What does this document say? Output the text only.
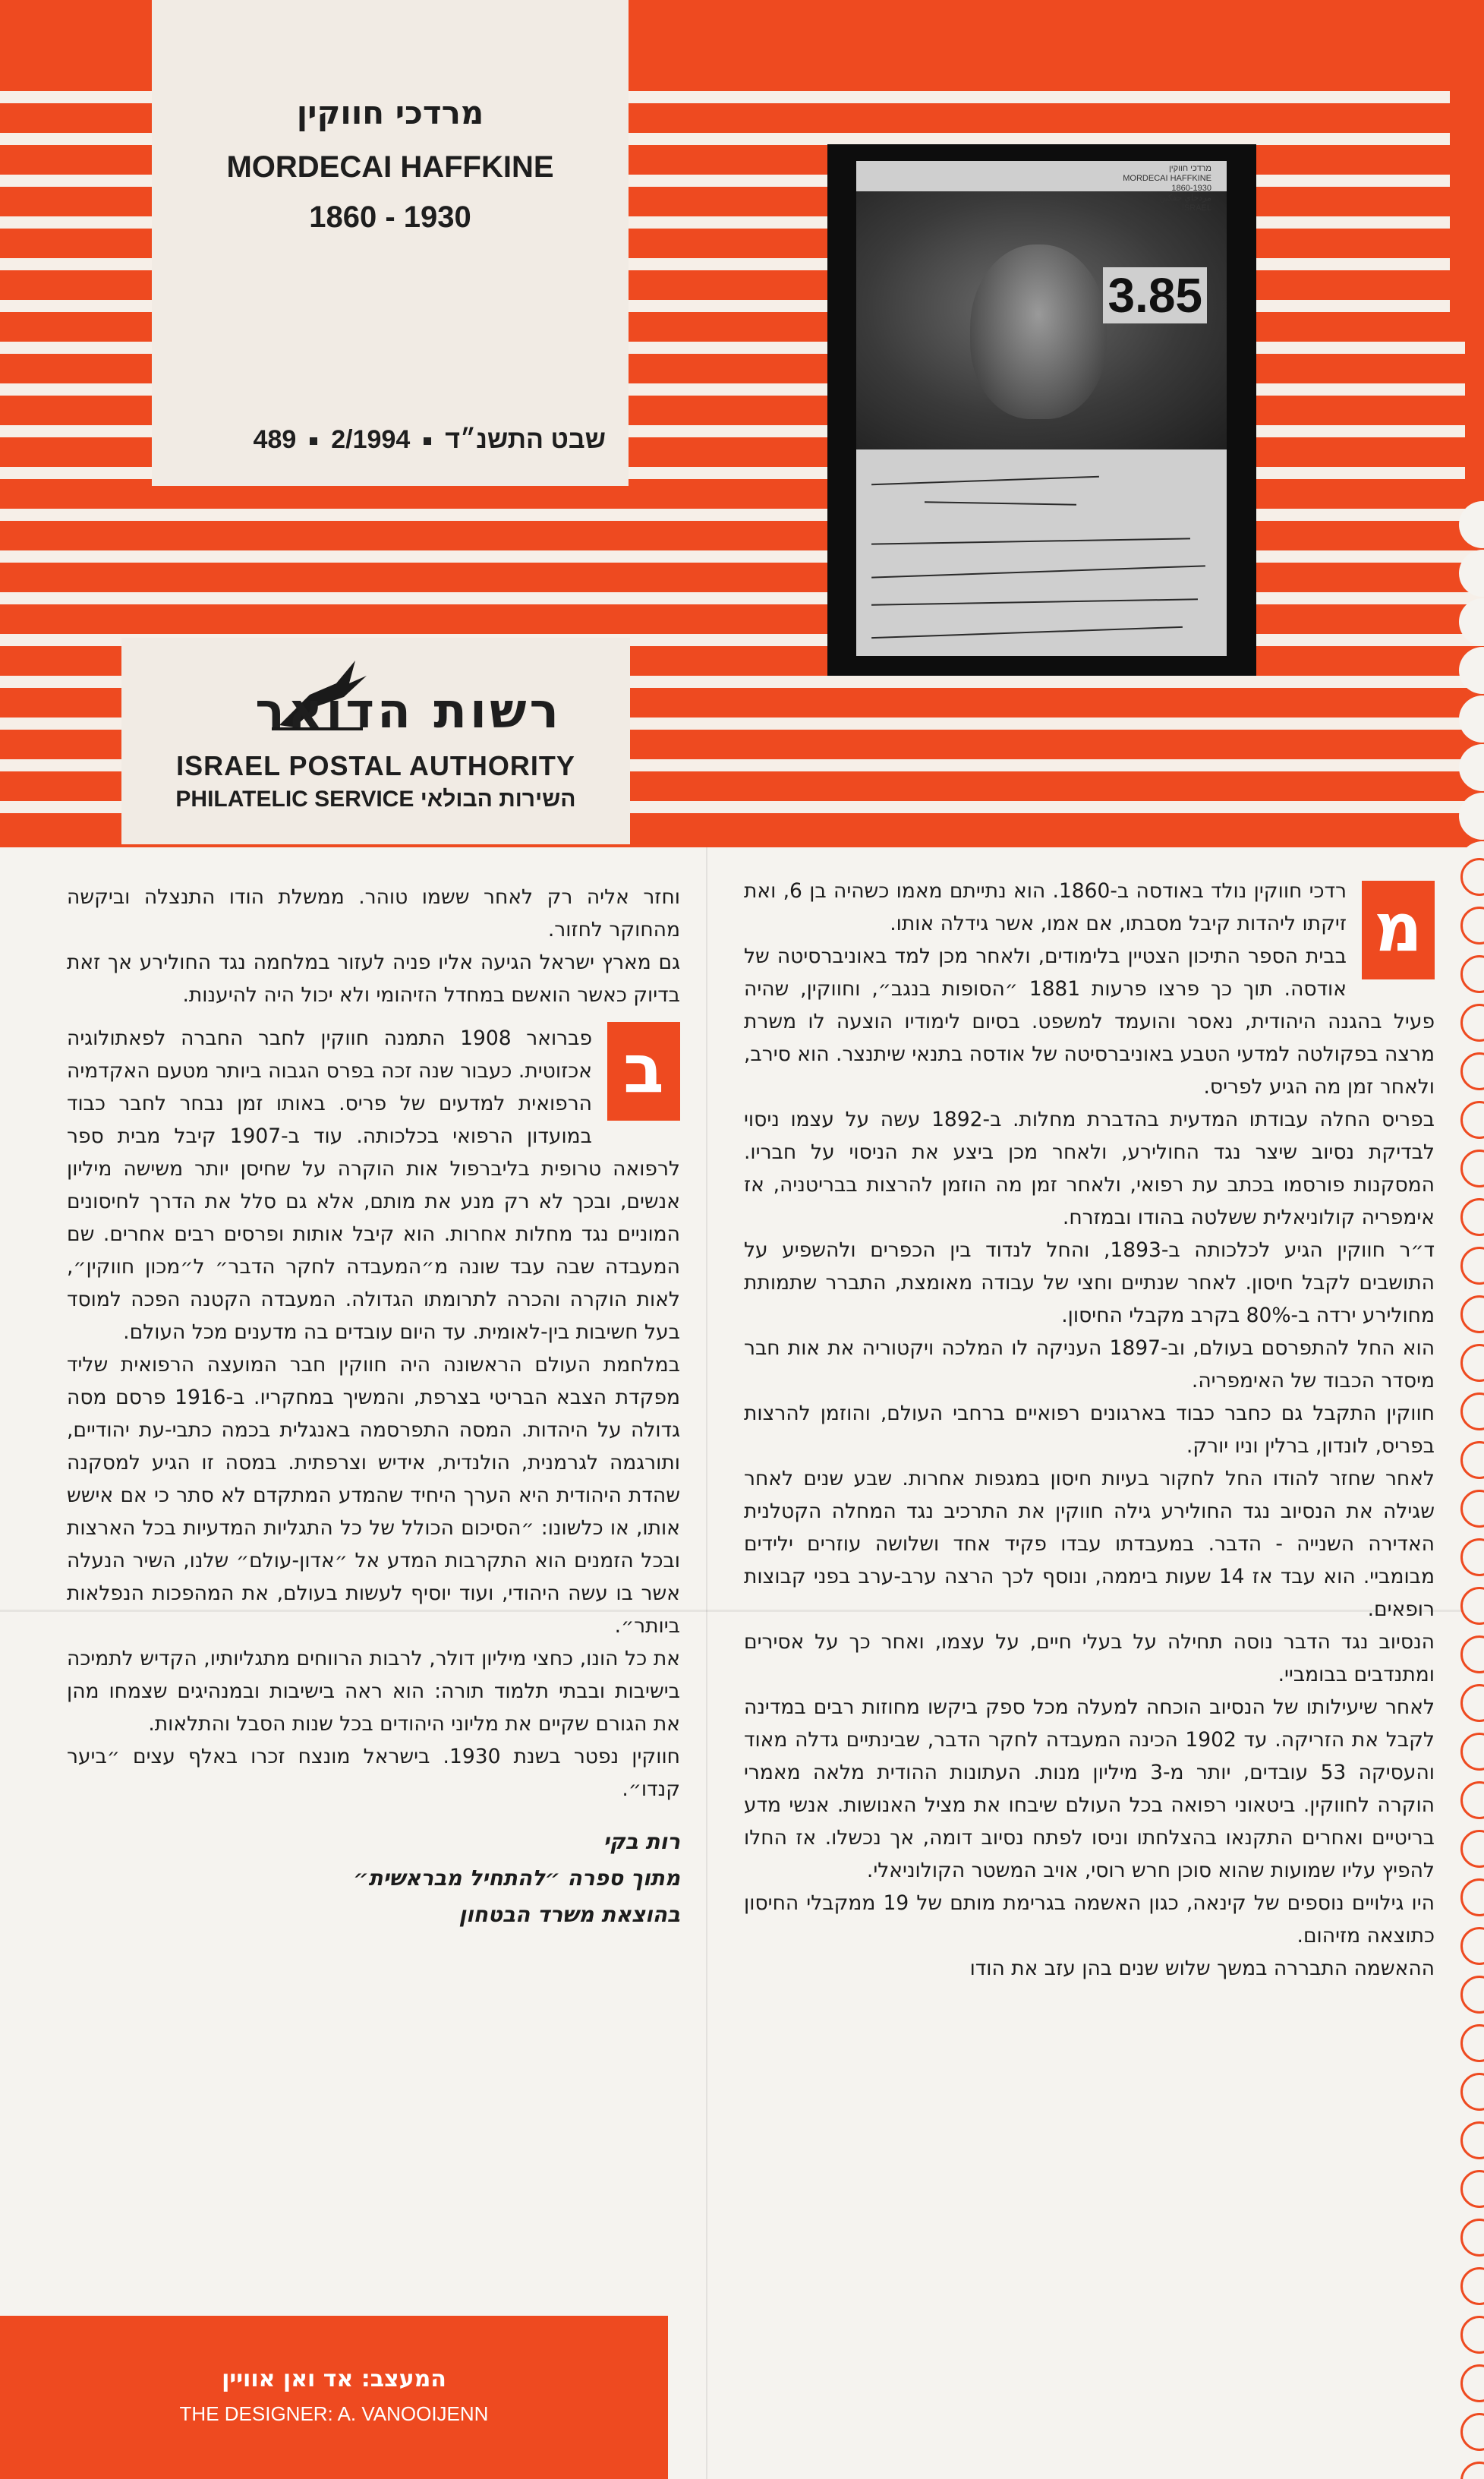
מרדכי חווקין
MORDECAI HAFFKINE
1860 - 1930
שבט התשנ״ד2/1994489
מרדכי חווקין
MORDECAI HAFFKINE
1860-1930
مردخاي حفكين
ISRAEL
3.85
רשות הדואר
ISRAEL POSTAL AUTHORITY
PHILATELIC SERVICE השירות הבולאי
מ

רדכי חווקין נולד באודסה ב-1860. הוא נתייתם מאמו כשהיה בן 6, ואת זיקתו ליהדות קיבל מסבתו, אם אמו, אשר גידלה אותו.

בבית הספר התיכון הצטיין בלימודים, ולאחר מכן למד באוניברסיטה של אודסה. תוך כך פרצו פרעות 1881 ״הסופות בנגב״, וחווקין, שהיה פעיל בהגנה היהודית, נאסר והועמד למשפט. בסיום לימודיו הוצעה לו משרת מרצה בפקולטה למדעי הטבע באוניברסיטה של אודסה בתנאי שיתנצר. הוא סירב, ולאחר זמן מה הגיע לפריס.

בפריס החלה עבודתו המדעית בהדברת מחלות. ב-1892 עשה על עצמו ניסוי לבדיקת נסיוב שיצר נגד החולירע, ולאחר מכן ביצע את הניסוי על חבריו. המסקנות פורסמו בכתב עת רפואי, ולאחר זמן מה הוזמן להרצות בבריטניה, אז אימפריה קולוניאלית ששלטה בהודו ובמזרח.

ד״ר חווקין הגיע לכלכותה ב-1893, והחל לנדוד בין הכפרים ולהשפיע על התושבים לקבל חיסון. לאחר שנתיים וחצי של עבודה מאומצת, התברר שתמותת מחולירע ירדה ב-80% בקרב מקבלי החיסון.

הוא החל להתפרסם בעולם, וב-1897 העניקה לו המלכה ויקטוריה את אות חבר מיסדר הכבוד של האימפריה.

חווקין התקבל גם כחבר כבוד בארגונים רפואיים ברחבי העולם, והוזמן להרצות בפריס, לונדון, ברלין וניו יורק.

לאחר שחזר להודו החל לחקור בעיות חיסון במגפות אחרות. שבע שנים לאחר שגילה את הנסיוב נגד החולירע גילה חווקין את התרכיב נגד המחלה הקטלנית האדירה השנייה - הדבר. במעבדתו עבדו פקיד אחד ושלושה עוזרים ילידים מבומביי. הוא עבד אז 14 שעות ביממה, ונוסף לכך הרצה ערב-ערב בפני קבוצות רופאים.

הנסיוב נגד הדבר נוסה תחילה על בעלי חיים, על עצמו, ואחר כך על אסירים ומתנדבים בבומביי.

לאחר שיעילותו של הנסיוב הוכחה למעלה מכל ספק ביקשו מחוזות רבים במדינה לקבל את הזריקה. עד 1902 הכינה המעבדה לחקר הדבר, שבינתיים גדלה מאוד והעסיקה 53 עובדים, יותר מ-3 מיליון מנות. העתונות ההודית מלאה מאמרי הוקרה לחווקין. ביטאוני רפואה בכל העולם שיבחו את מציל האנושות. אנשי מדע בריטיים ואחרים התקנאו בהצלחתו וניסו לפתח נסיוב דומה, אך נכשלו. אז החלו להפיץ עליו שמועות שהוא סוכן חרש רוסי, אויב המשטר הקולוניאלי.

היו גילויים נוספים של קינאה, כגון האשמה בגרימת מותם של 19 ממקבלי החיסון כתוצאה מזיהום.

ההאשמה התבררה במשך שלוש שנים בהן עזב את הודו

וחזר אליה רק לאחר ששמו טוהר. ממשלת הודו התנצלה וביקשה מהחוקר לחזור.

גם מארץ ישראל הגיעה אליו פניה לעזור במלחמה נגד החולירע אך זאת בדיוק כאשר הואשם במחדל הזיהומי ולא יכול היה להיענות.

ב

פברואר 1908 התמנה חווקין לחבר החברה לפאתולוגיה אכזוטית. כעבור שנה זכה בפרס הגבוה ביותר מטעם האקדמיה הרפואית למדעים של פריס. באותו זמן נבחר לחבר כבוד במועדון הרפואי בכלכותה. עוד ב-1907 קיבל מבית ספר לרפואה טרופית בליברפול אות הוקרה על שחיסן יותר משישה מיליון אנשים, ובכך לא רק מנע את מותם, אלא גם סלל את הדרך לחיסונים המוניים נגד מחלות אחרות. הוא קיבל אותות ופרסים רבים אחרים. שם המעבדה שבה עבד שונה מ״המעבדה לחקר הדבר״ ל״מכון חווקין״, לאות הוקרה והכרה לתרומתו הגדולה. המעבדה הקטנה הפכה למוסד בעל חשיבות בין-לאומית. עד היום עובדים בה מדענים מכל העולם.

במלחמת העולם הראשונה היה חווקין חבר המועצה הרפואית שליד מפקדת הצבא הבריטי בצרפת, והמשיך במחקריו. ב-1916 פרסם מסה גדולה על היהדות. המסה התפרסמה באנגלית בכמה כתבי-עת יהודיים, ותורגמה לגרמנית, הולנדית, אידיש וצרפתית. במסה זו הגיע למסקנה שהדת היהודית היא הערך היחיד שהמדע המתקדם לא סתר כי אם אישש אותו, או כלשונו: ״הסיכום הכולל של כל התגליות המדעיות בכל הארצות ובכל הזמנים הוא התקרבות המדע אל ״אדון-עולם״ שלנו, השיר הנעלה אשר בו עשה היהודי, ועוד יוסיף לעשות בעולם, את המהפכות הנפלאות ביותר״.

את כל הונו, כחצי מיליון דולר, לרבות הרווחים מתגליותיו, הקדיש לתמיכה בישיבות ובבתי תלמוד תורה: הוא ראה בישיבות ובמנהיגים שצמחו מהן את הגורם שקיים את מליוני היהודים בכל שנות הסבל והתלאות.

חווקין נפטר בשנת 1930. בישראל מונצח זכרו באלף עצים ״ביער קנדו״.

רות בקי
מתוך ספרה ״להתחיל מבראשית״
בהוצאת משרד הבטחון
המעצב: אד ואן אוויין
THE DESIGNER: A. VANOOIJENN
